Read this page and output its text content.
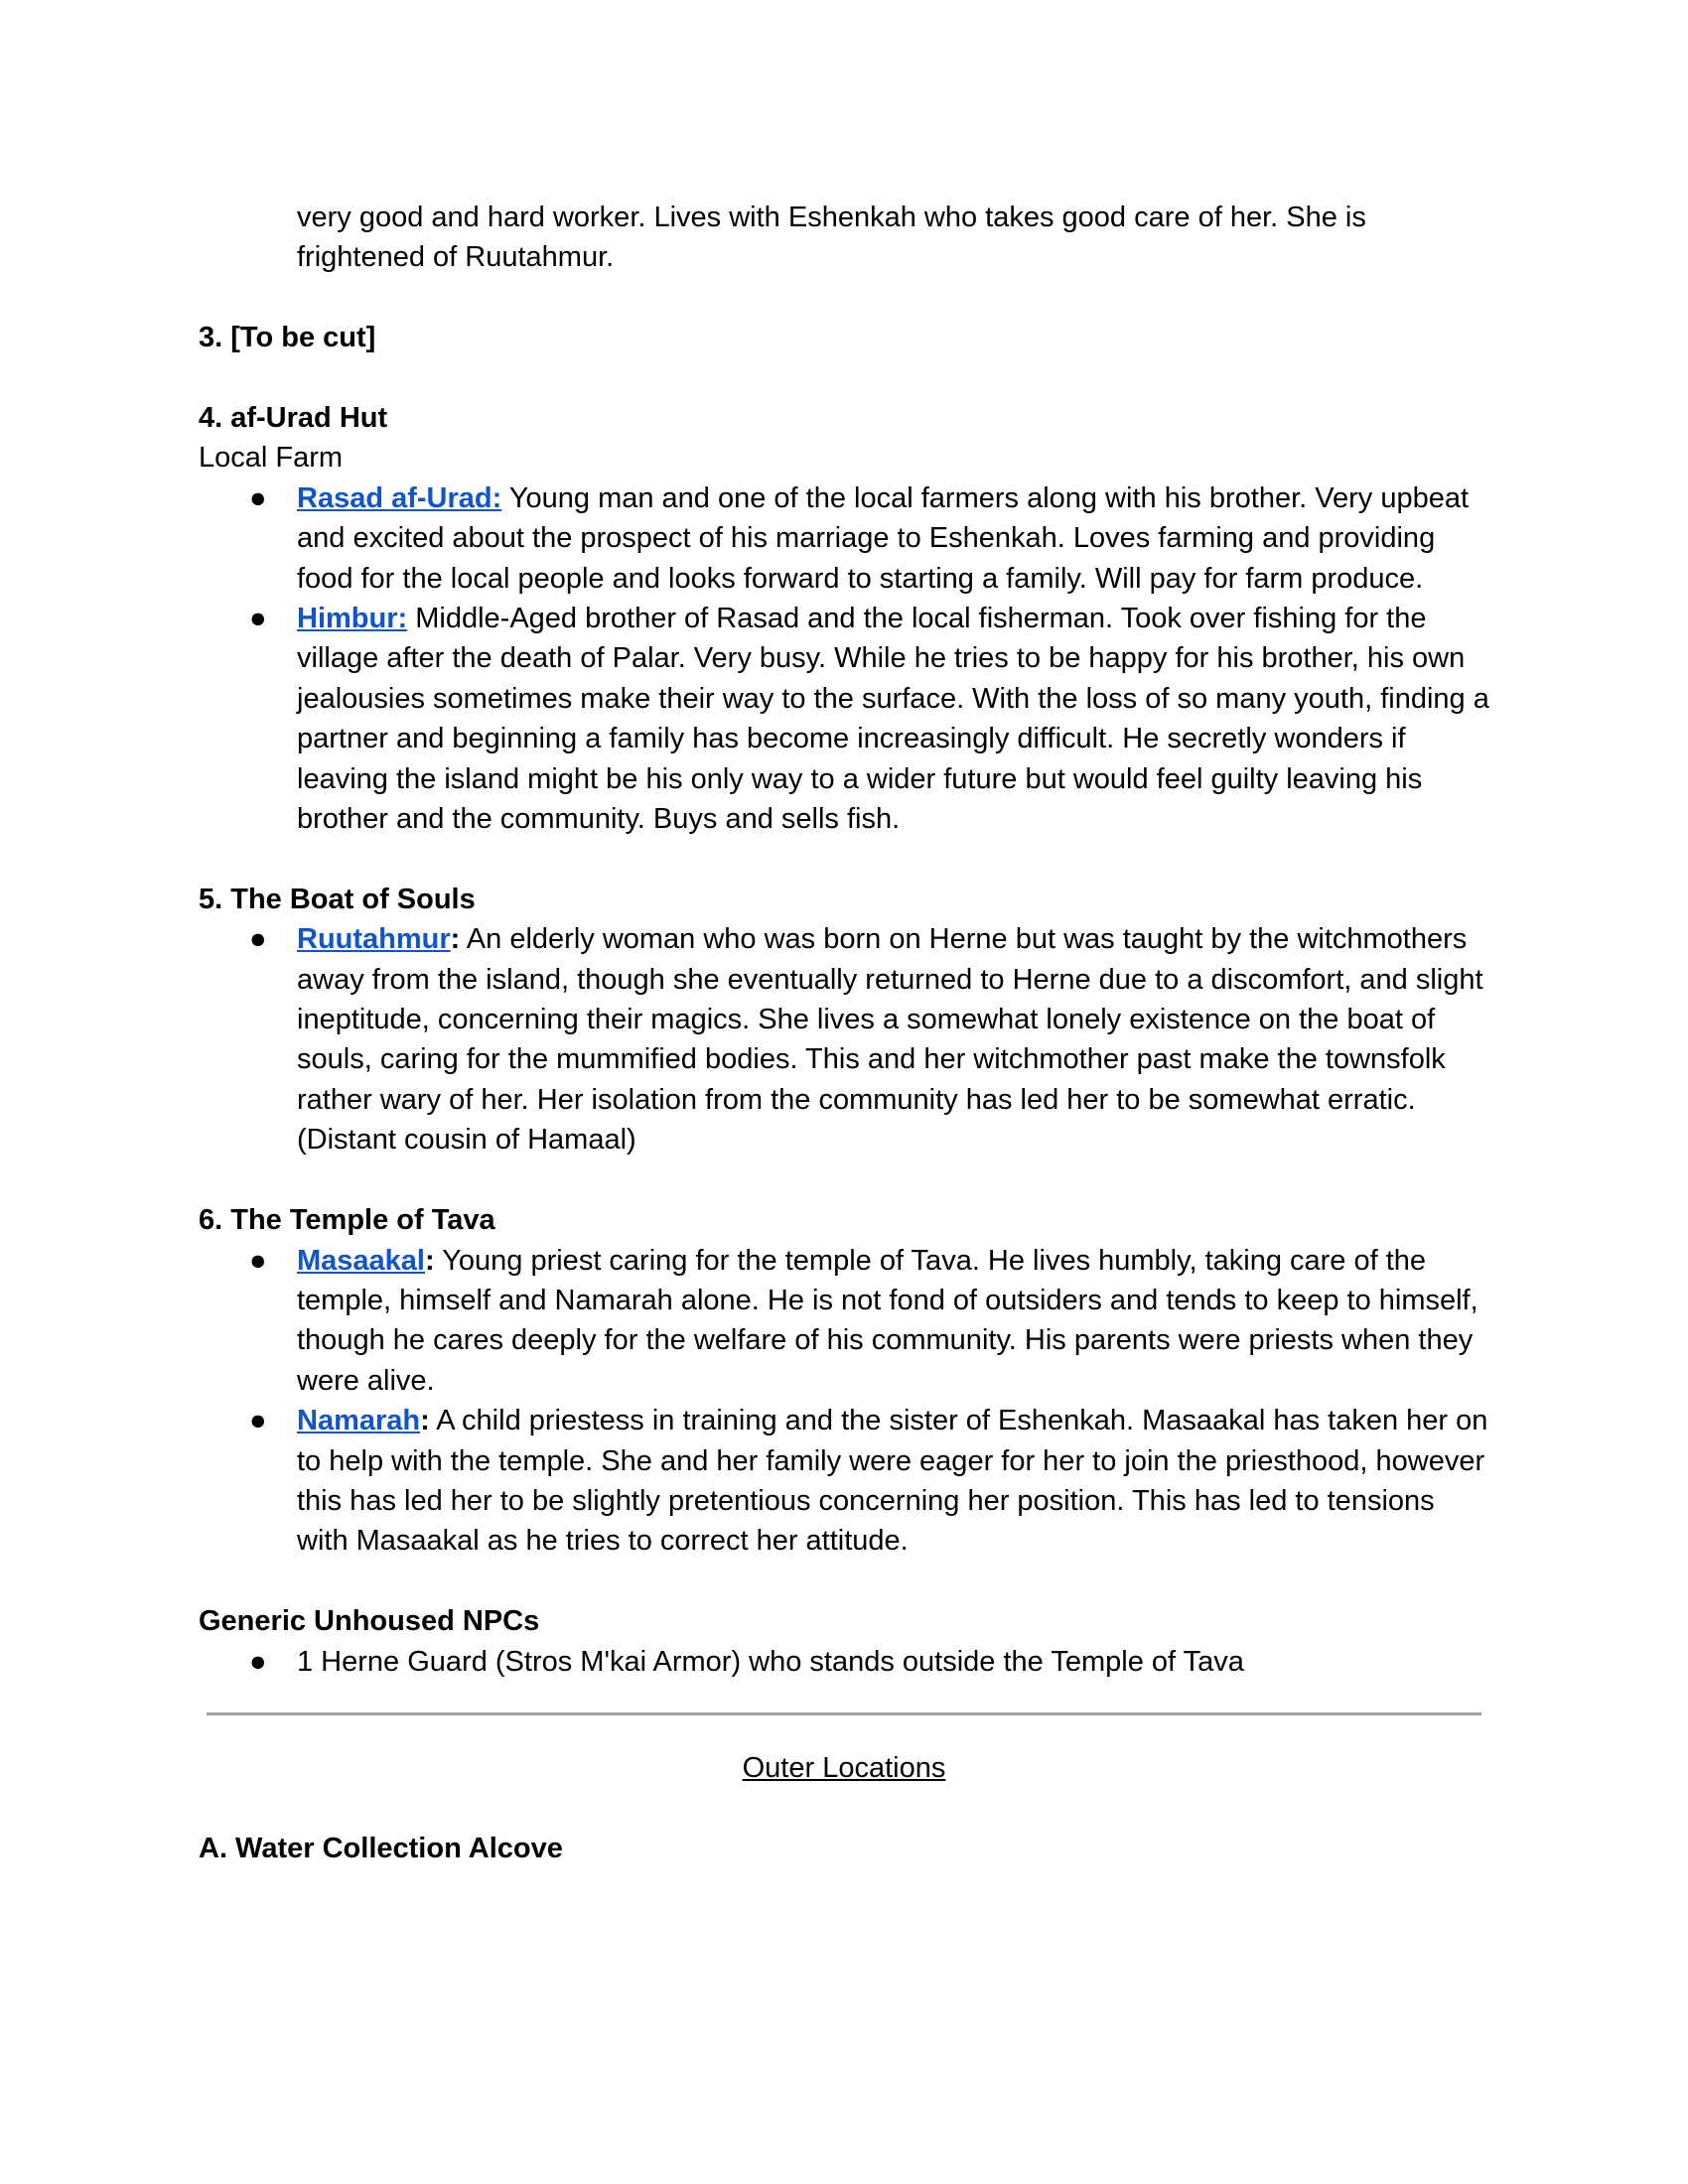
very good and hard worker. Lives with Eshenkah who takes good care of her. She is frightened of Ruutahmur.

3. [To be cut]

4. af-Urad Hut

Local Farm

● Rasad af-Urad: Young man and one of the local farmers along with his brother. Very upbeat and excited about the prospect of his marriage to Eshenkah. Loves farming and providing food for the local people and looks forward to starting a family. Will pay for farm produce.
● Himbur: Middle-Aged brother of Rasad and the local fisherman. Took over fishing for the village after the death of Palar. Very busy. While he tries to be happy for his brother, his own jealousies sometimes make their way to the surface. With the loss of so many youth, finding a partner and beginning a family has become increasingly difficult. He secretly wonders if leaving the island might be his only way to a wider future but would feel guilty leaving his brother and the community. Buys and sells fish.

5. The Boat of Souls

● Ruutahmur: An elderly woman who was born on Herne but was taught by the witchmothers away from the island, though she eventually returned to Herne due to a discomfort, and slight ineptitude, concerning their magics. She lives a somewhat lonely existence on the boat of souls, caring for the mummified bodies. This and her witchmother past make the townsfolk rather wary of her. Her isolation from the community has led her to be somewhat erratic. (Distant cousin of Hamaal)

6. The Temple of Tava

● Masaakal: Young priest caring for the temple of Tava. He lives humbly, taking care of the temple, himself and Namarah alone. He is not fond of outsiders and tends to keep to himself, though he cares deeply for the welfare of his community. His parents were priests when they were alive.
● Namarah: A child priestess in training and the sister of Eshenkah. Masaakal has taken her on to help with the temple. She and her family were eager for her to join the priesthood, however this has led her to be slightly pretentious concerning her position. This has led to tensions with Masaakal as he tries to correct her attitude.

Generic Unhoused NPCs

● 1 Herne Guard (Stros M'kai Armor) who stands outside the Temple of Tava

Outer Locations

A. Water Collection Alcove
